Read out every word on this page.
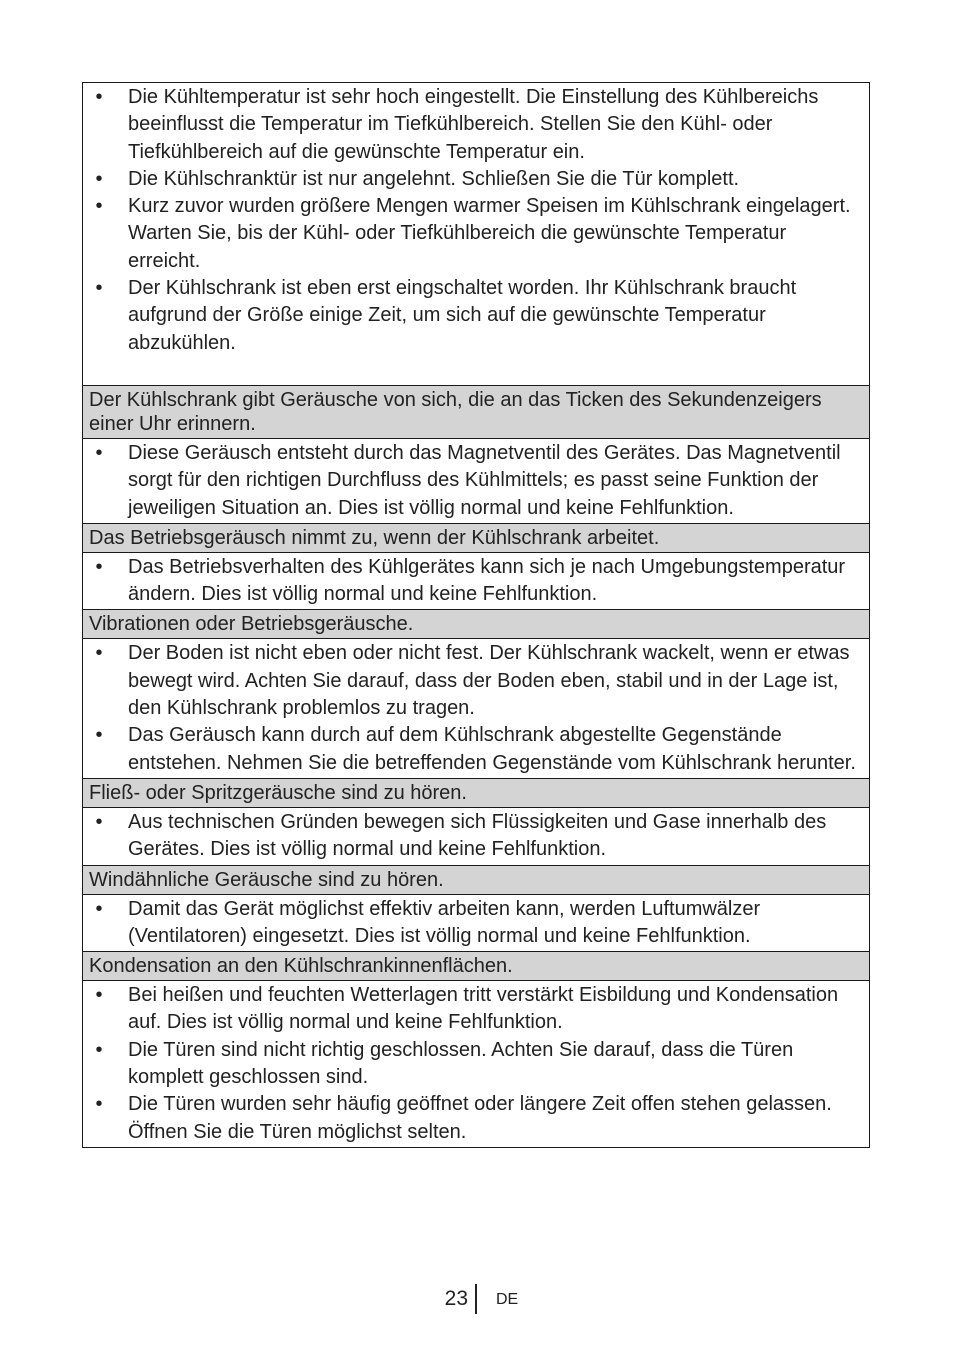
• Die Kühltemperatur ist sehr hoch eingestellt. Die Einstellung des Kühlbereichs beeinflusst die Temperatur im Tiefkühlbereich. Stellen Sie den Kühl- oder Tiefkühlbereich auf die gewünschte Temperatur ein.
• Die Kühlschranktür ist nur angelehnt. Schließen Sie die Tür komplett.
• Kurz zuvor wurden größere Mengen warmer Speisen im Kühlschrank eingelagert. Warten Sie, bis der Kühl- oder Tiefkühlbereich die gewünschte Temperatur erreicht.
• Der Kühlschrank ist eben erst eingschaltet worden. Ihr Kühlschrank braucht aufgrund der Größe einige Zeit, um sich auf die gewünschte Temperatur abzukühlen.
Der Kühlschrank gibt Geräusche von sich, die an das Ticken des Sekundenzeigers einer Uhr erinnern.
• Diese Geräusch entsteht durch das Magnetventil des Gerätes. Das Magnetventil sorgt für den richtigen Durchfluss des Kühlmittels; es passt seine Funktion der jeweiligen Situation an. Dies ist völlig normal und keine Fehlfunktion.
Das Betriebsgeräusch nimmt zu, wenn der Kühlschrank arbeitet.
• Das Betriebsverhalten des Kühlgerätes kann sich je nach Umgebungstemperatur ändern. Dies ist völlig normal und keine Fehlfunktion.
Vibrationen oder Betriebsgeräusche.
• Der Boden ist nicht eben oder nicht fest. Der Kühlschrank wackelt, wenn er etwas bewegt wird. Achten Sie darauf, dass der Boden eben, stabil und in der Lage ist, den Kühlschrank problemlos zu tragen.
• Das Geräusch kann durch auf dem Kühlschrank abgestellte Gegenstände entstehen. Nehmen Sie die betreffenden Gegenstände vom Kühlschrank herunter.
Fließ- oder Spritzgeräusche sind zu hören.
• Aus technischen Gründen bewegen sich Flüssigkeiten und Gase innerhalb des Gerätes. Dies ist völlig normal und keine Fehlfunktion.
Windähnliche Geräusche sind zu hören.
• Damit das Gerät möglichst effektiv arbeiten kann, werden Luftumwälzer (Ventilatoren) eingesetzt. Dies ist völlig normal und keine Fehlfunktion.
Kondensation an den Kühlschrankinnenflächen.
• Bei heißen und feuchten Wetterlagen tritt verstärkt Eisbildung und Kondensation auf. Dies ist völlig normal und keine Fehlfunktion.
• Die Türen sind nicht richtig geschlossen. Achten Sie darauf, dass die Türen komplett geschlossen sind.
• Die Türen wurden sehr häufig geöffnet oder längere Zeit offen stehen gelassen. Öffnen Sie die Türen möglichst selten.
23 DE
